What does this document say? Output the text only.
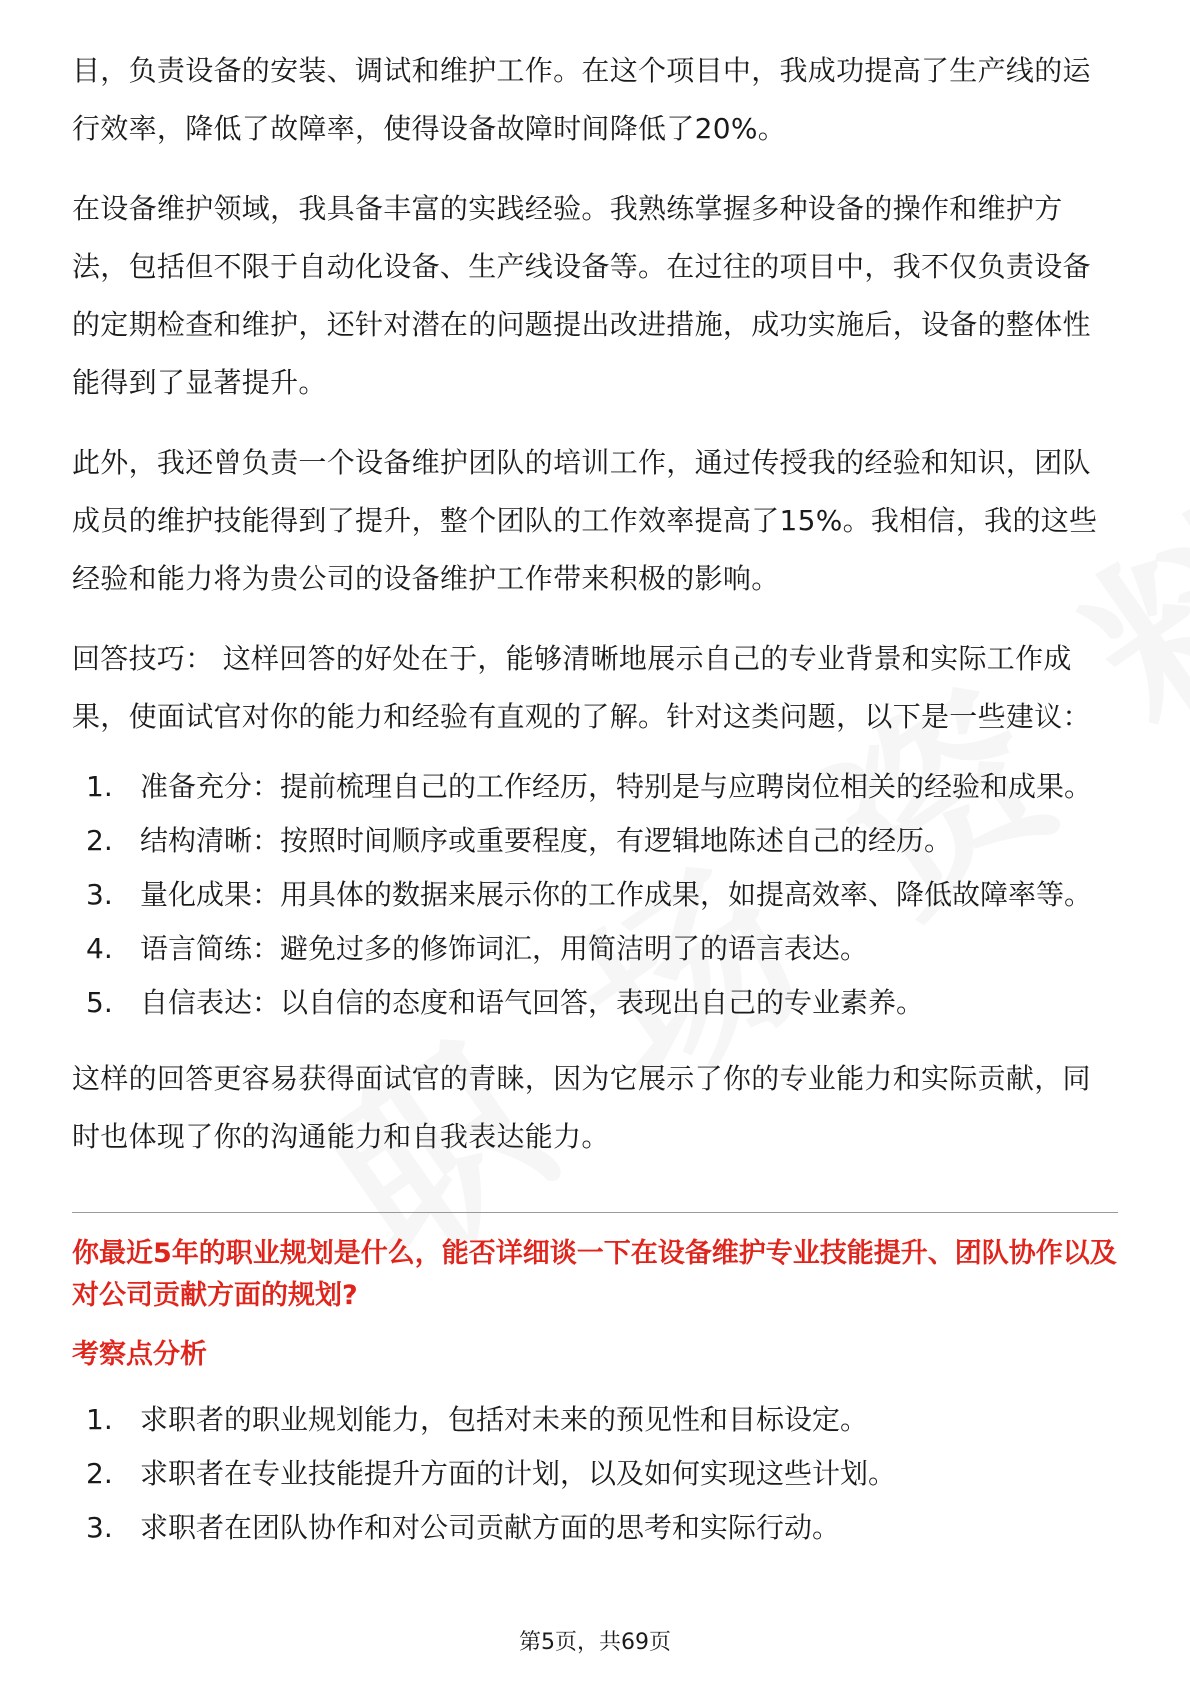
目，负责设备的安装、调试和维护工作。在这个项目中，我成功提高了生产线的运行效率，降低了故障率，使得设备故障时间降低了20%。

在设备维护领域，我具备丰富的实践经验。我熟练掌握多种设备的操作和维护方法，包括但不限于自动化设备、生产线设备等。在过往的项目中，我不仅负责设备的定期检查和维护，还针对潜在的问题提出改进措施，成功实施后，设备的整体性能得到了显著提升。

此外，我还曾负责一个设备维护团队的培训工作，通过传授我的经验和知识，团队成员的维护技能得到了提升，整个团队的工作效率提高了15%。我相信，我的这些经验和能力将为贵公司的设备维护工作带来积极的影响。

回答技巧： 这样回答的好处在于，能够清晰地展示自己的专业背景和实际工作成果，使面试官对你的能力和经验有直观的了解。针对这类问题，以下是一些建议：

1. 准备充分：提前梳理自己的工作经历，特别是与应聘岗位相关的经验和成果。
2. 结构清晰：按照时间顺序或重要程度，有逻辑地陈述自己的经历。
3. 量化成果：用具体的数据来展示你的工作成果，如提高效率、降低故障率等。
4. 语言简练：避免过多的修饰词汇，用简洁明了的语言表达。
5. 自信表达：以自信的态度和语气回答，表现出自己的专业素养。

这样的回答更容易获得面试官的青睐，因为它展示了你的专业能力和实际贡献，同时也体现了你的沟通能力和自我表达能力。

你最近5年的职业规划是什么，能否详细谈一下在设备维护专业技能提升、团队协作以及对公司贡献方面的规划?

考察点分析

1. 求职者的职业规划能力，包括对未来的预见性和目标设定。
2. 求职者在专业技能提升方面的计划，以及如何实现这些计划。
3. 求职者在团队协作和对公司贡献方面的思考和实际行动。
第5页，共69页
